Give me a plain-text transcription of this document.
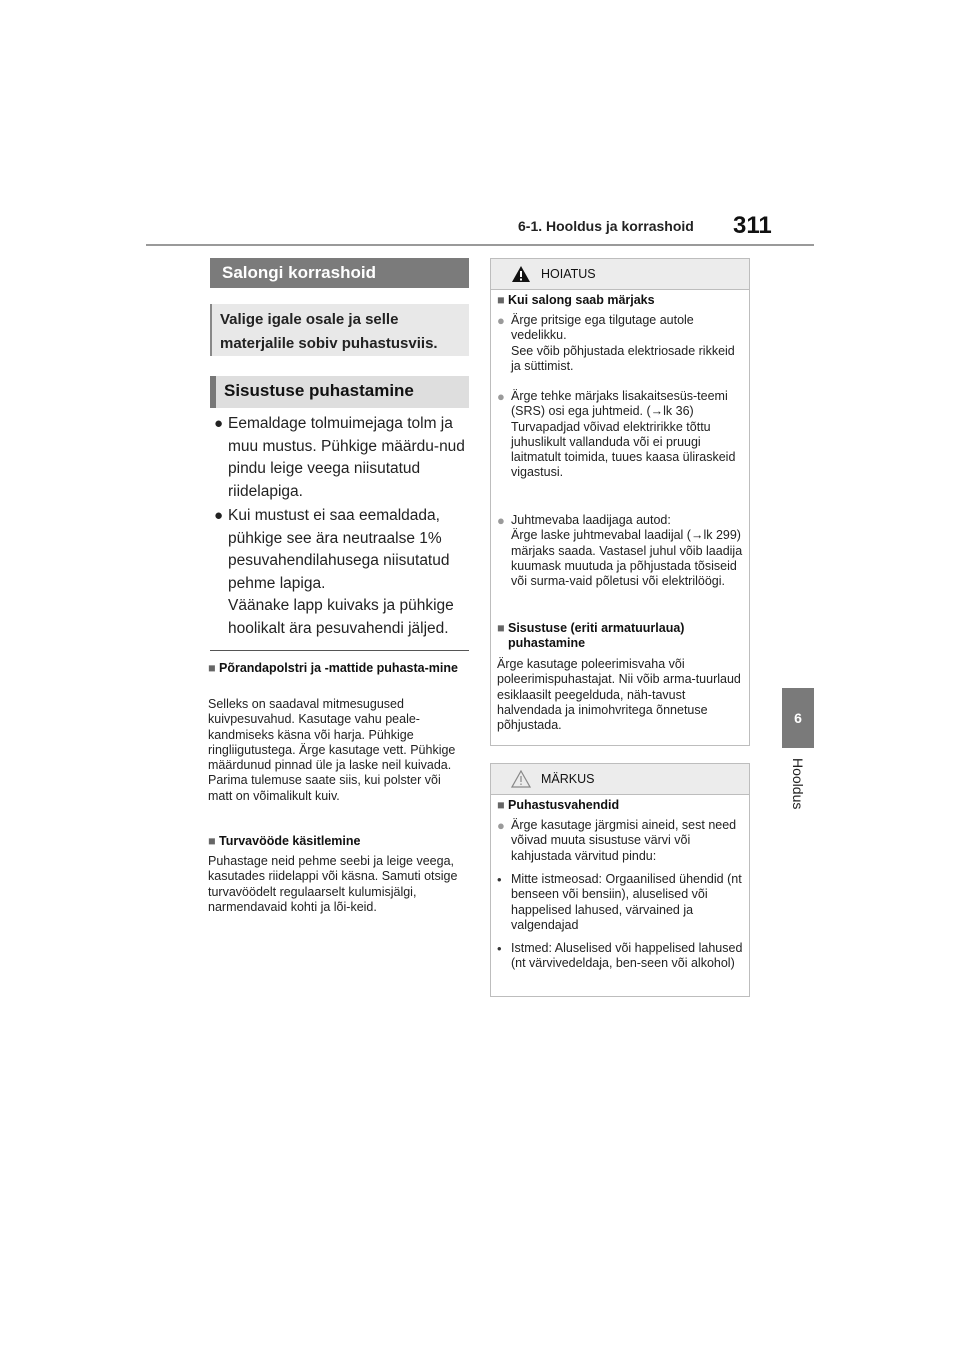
6-1. Hooldus ja korrashoid 311
6
Hooldus
Salongi korrashoid
Valige igale osale ja selle materjalile sobiv puhastusviis.
Sisustuse puhastamine
● Eemaldage tolmuimejaga tolm ja muu mustus. Pühkige määrdu-nud pindu leige veega niisutatud riidelapiga.
● Kui mustust ei saa eemaldada, pühkige see ära neutraalse 1% pesuvahendilahusega niisutatud pehme lapiga.
Väänake lapp kuivaks ja pühkige hoolikalt ära pesuvahendi jäljed.
■ Põrandapolstri ja -mattide puhasta-mine
Selleks on saadaval mitmesugused kuivpesuvahud. Kasutage vahu peale-kandmiseks käsna või harja. Pühkige ringliigutustega. Ärge kasutage vett. Pühkige määrdunud pinnad üle ja laske neil kuivada. Parima tulemuse saate siis, kui polster või matt on võimalikult kuiv.
■ Turvavööde käsitlemine
Puhastage neid pehme seebi ja leige veega, kasutades riidelappi või käsna. Samuti otsige turvavöödelt regulaarselt kulumisjälgi, narmendavaid kohti ja lõi-keid.
HOIATUS
■ Kui salong saab märjaks
● Ärge pritsige ega tilgutage autole vedelikku.
See võib põhjustada elektriosade rikkeid ja süttimist.
● Ärge tehke märjaks lisakaitsesüs-teemi (SRS) osi ega juhtmeid. (→lk 36)
Turvapadjad võivad elektririkke tõttu juhuslikult vallanduda või ei pruugi laitmatult toimida, tuues kaasa üliraskeid vigastusi.
● Juhtmevaba laadijaga autod:
Ärge laske juhtmevabal laadijal (→lk 299) märjaks saada. Vastasel juhul võib laadija kuumask muutuda ja põhjustada tõsiseid või surma-vaid põletusi või elektrilöögi.
■ Sisustuse (eriti armatuurlaua) puhastamine
Ärge kasutage poleerimisvaha või poleerimispuhastajat. Nii võib arma-tuurlaud esiklaasilt peegelduda, näh-tavust halvendada ja inimohvritega õnnetuse põhjustada.
MÄRKUS
■ Puhastusvahendid
● Ärge kasutage järgmisi aineid, sest need võivad muuta sisustuse värvi või kahjustada värvitud pindu:
• Mitte istmeosad: Orgaanilised ühendid (nt benseen või bensiin), aluselised või happelised lahused, värvained ja valgendajad
• Istmed: Aluselised või happelised lahused (nt värvivedeldaja, ben-seen või alkohol)
